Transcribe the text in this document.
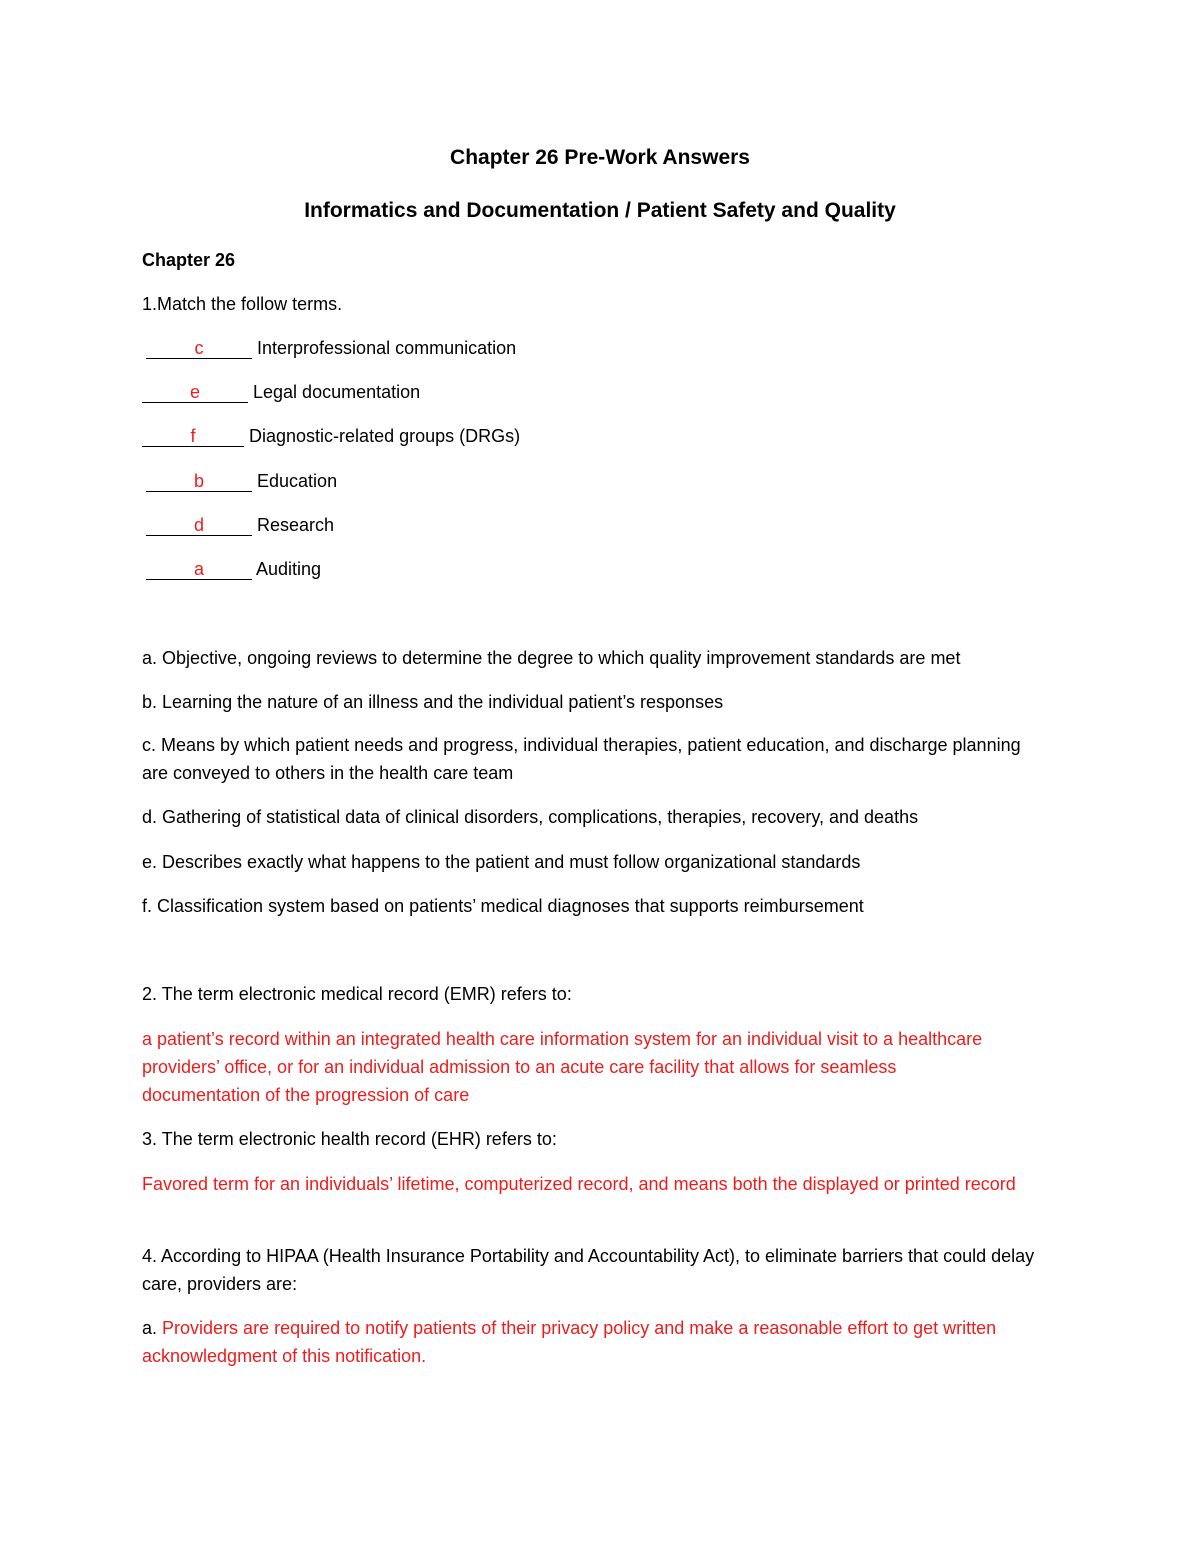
Chapter 26 Pre-Work Answers
Informatics and Documentation / Patient Safety and Quality
Chapter 26
1.Match the follow terms.
c	Interprofessional communication
e	Legal documentation
f	Diagnostic-related groups (DRGs)
b	Education
d	Research
a	Auditing
a. Objective, ongoing reviews to determine the degree to which quality improvement standards are met
b. Learning the nature of an illness and the individual patient’s responses
c. Means by which patient needs and progress, individual therapies, patient education, and discharge planning are conveyed to others in the health care team
d. Gathering of statistical data of clinical disorders, complications, therapies, recovery, and deaths
e. Describes exactly what happens to the patient and must follow organizational standards
f. Classification system based on patients’ medical diagnoses that supports reimbursement
2. The term electronic medical record (EMR) refers to:
a patient’s record within an integrated health care information system for an individual visit to a healthcare providers’ office, or for an individual admission to an acute care facility that allows for seamless documentation of the progression of care
3. The term electronic health record (EHR) refers to:
Favored term for an individuals’ lifetime, computerized record, and means both the displayed or printed record
4. According to HIPAA (Health Insurance Portability and Accountability Act), to eliminate barriers that could delay care, providers are:
a. Providers are required to notify patients of their privacy policy and make a reasonable effort to get written acknowledgment of this notification.
